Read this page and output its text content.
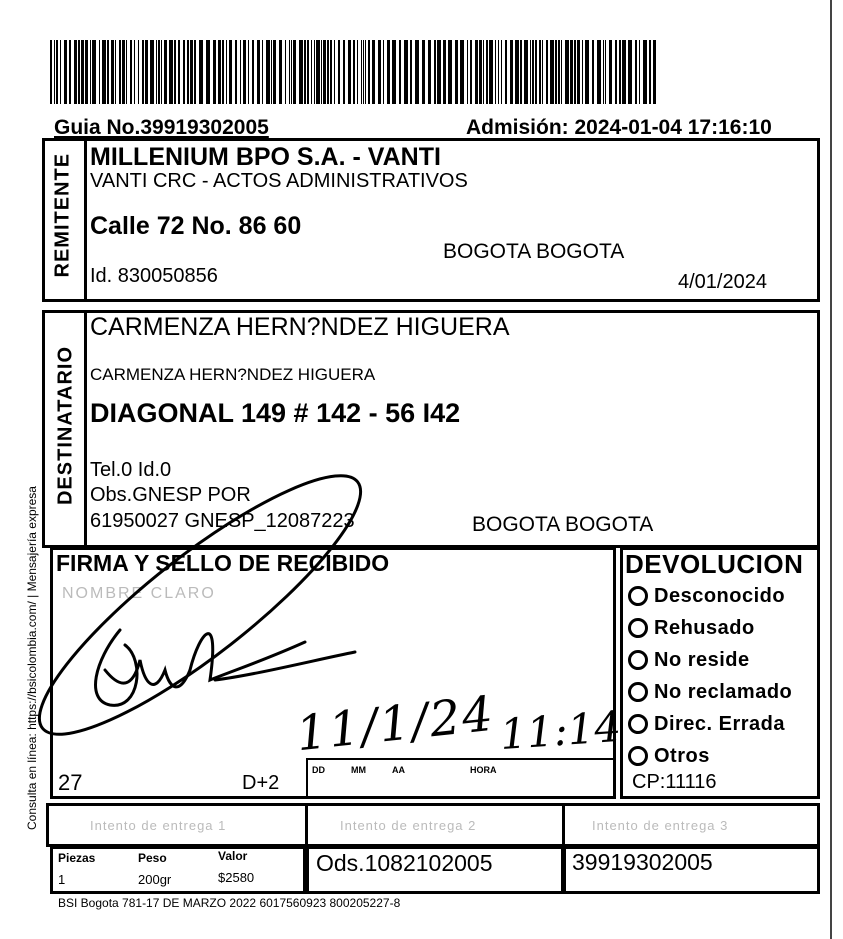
Guia No.39919302005	Admisión: 2024-01-04 17:16:10
REMITENTE MILLENIUM BPO S.A. - VANTI
VANTI CRC - ACTOS ADMINISTRATIVOS
Calle 72 No. 86 60
BOGOTA BOGOTA
Id. 830050856	4/01/2024
DESTINATARIO
CARMENZA HERN?NDEZ HIGUERA
CARMENZA HERN?NDEZ HIGUERA
DIAGONAL 149 # 142 - 56 I42
Tel.0 Id.0
Obs.GNESP POR
61950027 GNESP_12087223	BOGOTA BOGOTA
FIRMA Y SELLO DE RECIBIDO
NOMBRE CLARO
27	D+2
DD	MM	AA	HORA
11/1/24 11:14
DEVOLUCION
Desconocido
Rehusado
No reside
No reclamado
Direc. Errada
Otros
CP:11116
Intento de entrega 1	Intento de entrega 2	Intento de entrega 3
Piezas	Peso	Valor
1	200gr	$2580
Ods.1082102005	39919302005
BSI Bogota 781-17 DE MARZO 2022 6017560923 800205227-8
Consulta en línea: https://bsicolombia.com/ | Mensajería expresa
